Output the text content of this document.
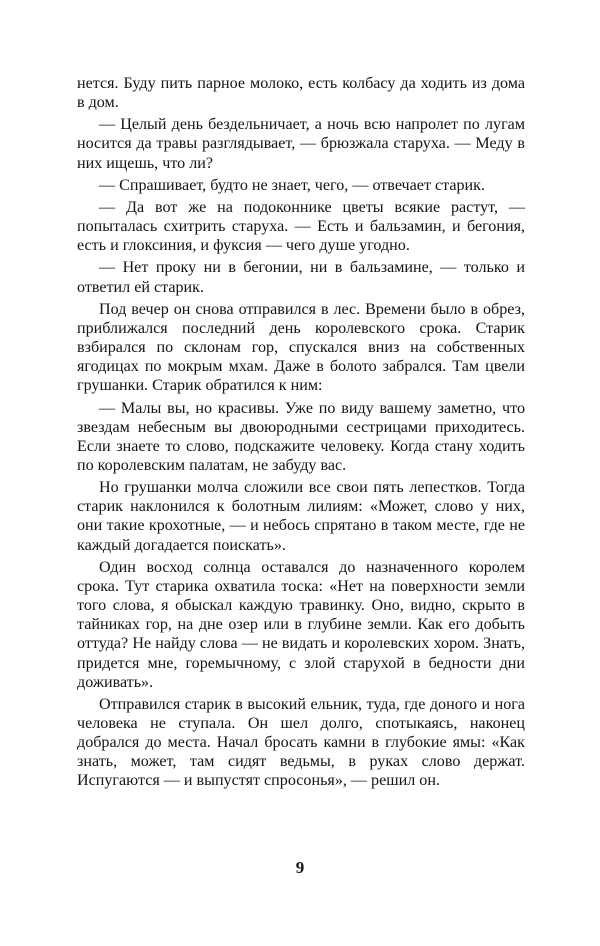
нется. Буду пить парное молоко, есть колбасу да ходить из дома в дом.

— Целый день бездельничает, а ночь всю напролет по лугам носится да травы разглядывает, — брюзжала старуха. — Меду в них ищешь, что ли?

— Спрашивает, будто не знает, чего, — отвечает старик.

— Да вот же на подоконнике цветы всякие растут, — попыталась схитрить старуха. — Есть и бальзамин, и бегония, есть и глоксиния, и фуксия — чего душе угодно.

— Нет проку ни в бегонии, ни в бальзамине, — только и ответил ей старик.

Под вечер он снова отправился в лес. Времени было в обрез, приближался последний день королевского срока. Старик взбирался по склонам гор, спускался вниз на собственных ягодицах по мокрым мхам. Даже в болото забрался. Там цвели грушанки. Старик обратился к ним:

— Малы вы, но красивы. Уже по виду вашему заметно, что звездам небесным вы двоюродными сестрицами приходитесь. Если знаете то слово, подскажите человеку. Когда стану ходить по королевским палатам, не забуду вас.

Но грушанки молча сложили все свои пять лепестков. Тогда старик наклонился к болотным лилиям: «Может, слово у них, они такие крохотные, — и небось спрятано в таком месте, где не каждый догадается поискать».

Один восход солнца оставался до назначенного королем срока. Тут старика охватила тоска: «Нет на поверхности земли того слова, я обыскал каждую травинку. Оно, видно, скрыто в тайниках гор, на дне озер или в глубине земли. Как его добыть оттуда? Не найду слова — не видать и королевских хором. Знать, придется мне, горемычному, с злой старухой в бедности дни доживать».

Отправился старик в высокий ельник, туда, где доного и нога человека не ступала. Он шел долго, спотыкаясь, наконец добрался до места. Начал бросать камни в глубокие ямы: «Как знать, может, там сидят ведьмы, в руках слово держат. Испугаются — и выпустят спросонья», — решил он.

9
